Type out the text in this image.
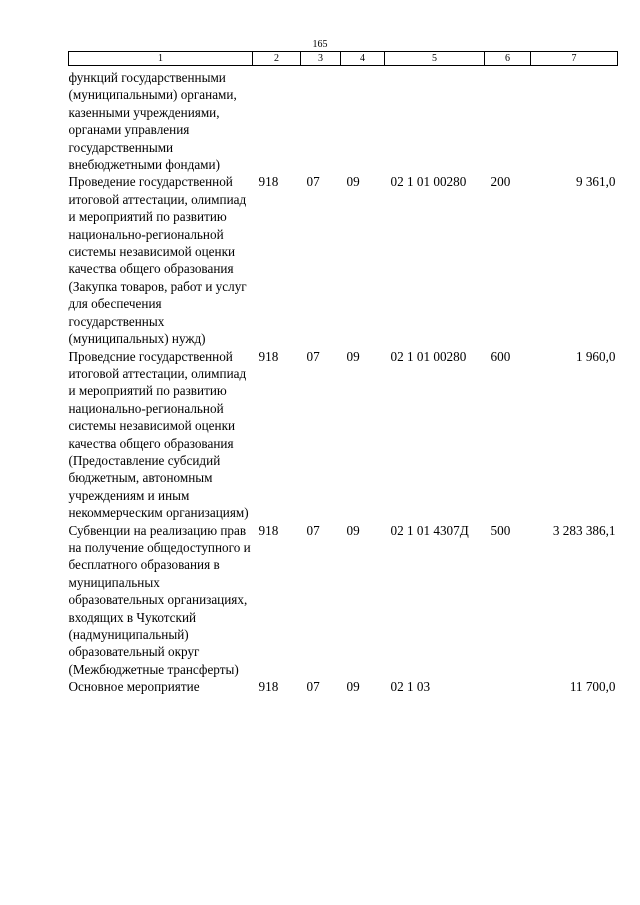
165
1	2	3	4	5	6	7
функций государственными (муниципальными) органами, казенными учреждениями, органами управления государственными внебюджетными фондами)						
Проведение государственной итоговой аттестации, олимпиад и мероприятий по развитию национально-региональной системы независимой оценки качества общего образования (Закупка товаров, работ и услуг для обеспечения государственных (муниципальных) нужд)	918	07	09	02 1 01 00280	200	9 361,0
Проведсние государственной итоговой аттестации, олимпиад и мероприятий по развитию национально-региональной системы независимой оценки качества общего образования (Предоставление субсидий бюджетным, автономным учреждениям и иным некоммерческим организациям)	918	07	09	02 1 01 00280	600	1 960,0
Субвенции на реализацию прав на получение общедоступного и бесплатного образования в муниципальных образовательных организациях, входящих в Чукотский (надмуниципальный) образовательный округ (Межбюджетные трансферты)	918	07	09	02 1 01 4307Д	500	3 283 386,1
Основное мероприятие	918	07	09	02 1 03		11 700,0
